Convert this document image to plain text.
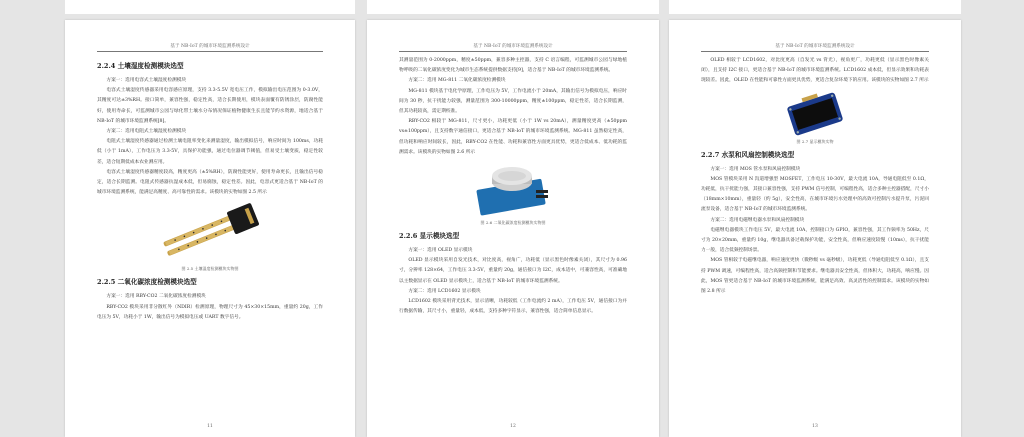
基于 NB-IoT 的城市环境监测系统设计
2.2.4 土壤湿度检测模块选型

方案一：选用电容式土壤湿度检测模块

电容式土壤湿度传感器采用电容感应原理，支持 3.3-5.5V 宽电压工作，模拟输出电压范围为 0-3.0V，其精度可达±3%RH。接口简单，兼容性强，稳定性高，适合长期使用，模块表面覆有防锈涂层，防腐性能好，使用寿命长，可监测城市公园与绿化带土壤水分布情况保证植物健康生长且能节约水资源，地适合基于 NB-IoT 的城市环境监测系统[8]。

方案二：选用电阻式土壤湿度检测模块

电阻式土壤湿度传感器通过检测土壤电阻率变化来测量湿度，输出模拟信号，响应时间为 100ms，功耗低（小于 1mA），工作电压为 3.3-5V，具保护功能强，通过电位器调节阈值，但易受土壤变质，稳定性较差，适合短期低成本农业测应用。

电容式土壤湿度传感器精度较高，精度更高（±5%RH），防腐性能更好，使用寿命更长，且输出信号稳定，适合长期监测。电阻式传感器抗湿成本低，但易腐蚀，稳定性差。因此，电容式更适合基于 NB-IoT 的城市环境监测系统，能满足高精度、高可靠性的需求。该模块的实物如图 2.5 所示

图 2.5 土壤湿度检测模块实物图
2.2.5 二氧化碳浓度检测模块选型

方案一：选用 RBY-CO2 二氧化碳浓度检测模块

RBY-CO2 模块采用非分散红外（NDIR）检测原理，物理尺寸为 45×30×15mm，重量约 20g，工作电压为 5V，功耗小于 1W，输出信号为模拟电压或 UART 数字信号。

11
基于 NB-IoT 的城市环境监测系统设计

其测量范围为 0-2000ppm，精度±50ppm，兼容多种主控器，支持 C 语言编程，可监测城市公园与绿地植物呼吸的二氧化碳浓度变化为城市生态系统提供数据支持[9]，适合基于 NB-IoT 的城市环境监测系统。

方案二：选用 MG-811 二氧化碳浓度检测模块

MG-811 模块基于电化学原理，工作电压为 5V，工作电流小于 20mA，其输出信号为模拟电压，响应时间为 30 秒，抗干扰能力较强，测量范围为 300-10000ppm，精度±100ppm，稳定性差，适合长期监测，但其功耗较高，需定期校准。

RBY-CO2 相较于 MG-811，尺寸更小，功耗更低（小于 1W vs 20mA），测量精度更高（±50ppm vs±100ppm），且支持数字通信接口，更适合基于 NB-IoT 的城市环境监测系统。MG-811 虽然稳定性高，但功耗和响应时间较长，因此，RBY-CO2 在性能、功耗和兼容性方面更具优势，更适合低成本、低功耗的监测需求。该模块的实物如图 2.6 所示

图 2.6 二氧化碳浓度检测模块实物图
2.2.6 显示模块选型

方案一：选用 OLED 显示模块

OLED 显示模块采用自发光技术，对比度高，视角广，功耗低（显示黑色时像素关闭），其尺寸为 0.96 寸，分辨率 128×64，工作电压 3.3-5V，重量约 20g，通信接口为 I2C，成本适中，可兼容性高，可准确地以主数据显示在 OLED 显示模块上，适合基于 NB-IoT 的城市环境监测系统。

方案二：选用 LCD1602 显示模块

LCD1602 模块采用背光技术，显示清晰，功耗较低（工作电流约 2 mA），工作电压 5V，通信接口为并行数据传输，其尺寸小，重量轻，成本低，支持多种字符显示，兼容性强，适合简单信息显示。

12
基于 NB-IoT 的城市环境监测系统设计

OLED 相较于 LCD1602，对比度更高（自发光 vs 背光），视角更广，功耗更低（显示黑色时像素关闭），且支持 I2C 接口，更适合基于 NB-IoT 的城市环境监测系统。LCD1602 成本低，但显示效果和功耗表现较差。因此，OLED 在性能和可靠性方面更具优势，更适合复杂环境下的应用。该模块的实物如图 2.7 所示

图 2.7 显示模块实物
2.2.7 水泵和风扇控制模块选型

方案一：选用 MOS 管水泵和风扇控制模块

MOS 管模块采用 N 沟道增强型 MOSFET，工作电压 10-30V，最大电流 10A，导通电阻低至 0.1Ω，功耗低，抗干扰能力强，其接口兼容性强，支持 PWM 信号控制，可编程性高，适合多种主控器搭配，尺寸小（18mm×10mm），重量轻（约 5g），安全性高，在城市环境污水处理中的高效可控制污水提升泵，污泥回流泵设备，适合基于 NB-IoT 的城市环境监测系统。

方案二：选用电磁继电器水泵和风扇控制模块

电磁继电器模块工作电压 5V，最大电流 10A，控制接口为 GPIO，兼容性强，其工作频率为 50Hz，尺寸为 20×20mm，重量约 10g，继电器具备过载保护功能，安全性高，但响应速度较慢（10ms），抗干扰能力一般，适合低频控制场景。

MOS 管相较于电磁继电器，响应速度更快（微秒级 vs 毫秒级），功耗更低（导通电阻低至 0.1Ω），且支持 PWM 调速，可编程性高，适合高频控制和节能要求。继电器具安全性高，但体积大，功耗高，响应慢。因此，MOS 管更适合基于 NB-IoT 的城市环境监测系统，能满足高效、高灵活性的控制需求。该模块的实物如图 2.8 所示

13
